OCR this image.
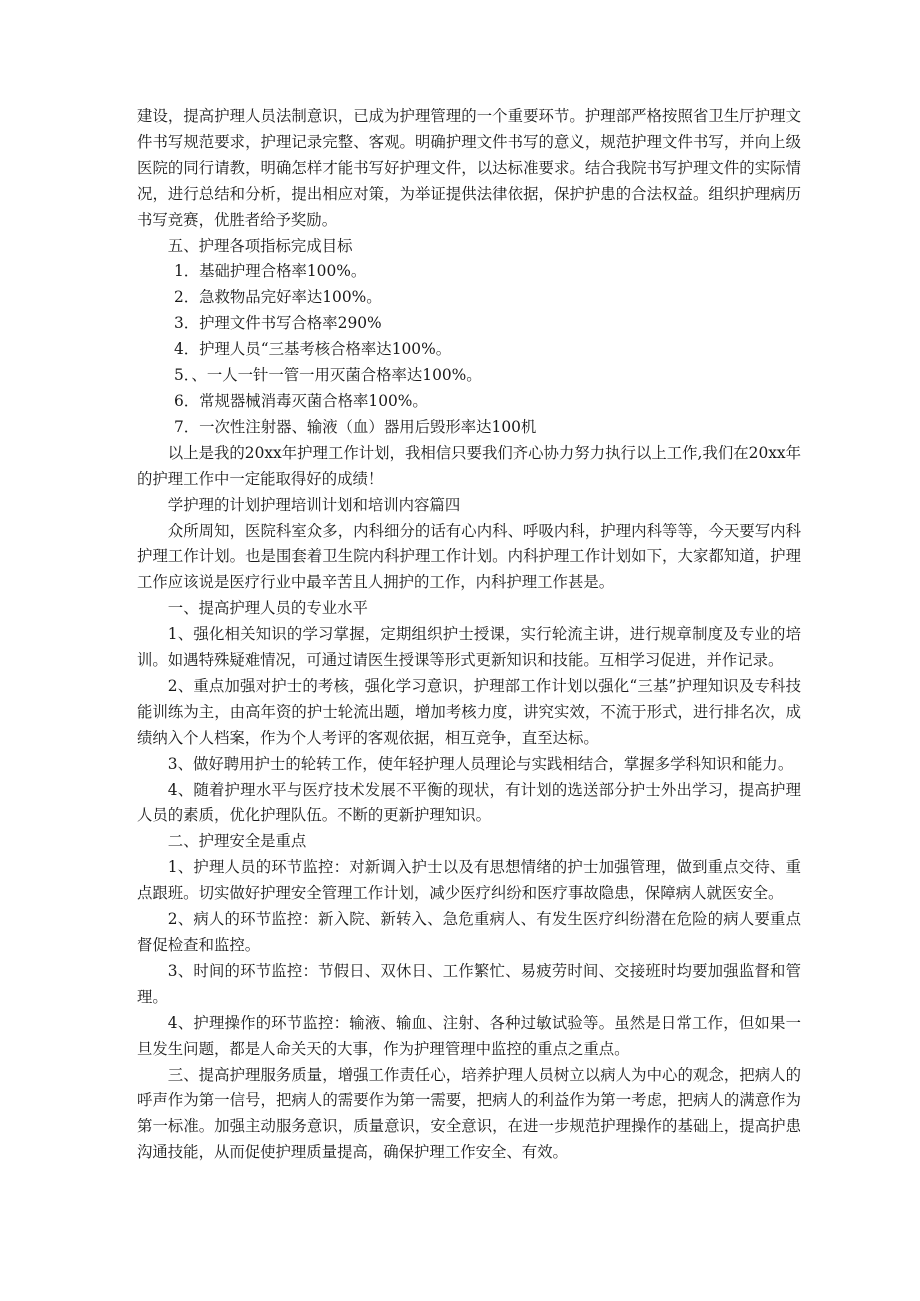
建设，提高护理人员法制意识，已成为护理管理的一个重要环节。护理部严格按照省卫生厅护理文件书写规范要求，护理记录完整、客观。明确护理文件书写的意义，规范护理文件书写，并向上级医院的同行请教，明确怎样才能书写好护理文件，以达标准要求。结合我院书写护理文件的实际情况，进行总结和分析，提出相应对策，为举证提供法律依据，保护护患的合法权益。组织护理病历书写竞赛，优胜者给予奖励。

五、护理各项指标完成目标

1．基础护理合格率100%。

2．急救物品完好率达100%。

3．护理文件书写合格率290%

4．护理人员“三基考核合格率达100%。

5．、一人一针一管一用灭菌合格率达100%。

6．常规器械消毒灭菌合格率100%。

7．一次性注射器、输液（血）器用后毁形率达100机

以上是我的20xx年护理工作计划，我相信只要我们齐心协力努力执行以上工作,我们在20xx年的护理工作中一定能取得好的成绩！

学护理的计划护理培训计划和培训内容篇四

众所周知，医院科室众多，内科细分的话有心内科、呼吸内科，护理内科等等，今天要写内科护理工作计划。也是围套着卫生院内科护理工作计划。内科护理工作计划如下，大家都知道，护理工作应该说是医疗行业中最辛苦且人拥护的工作，内科护理工作甚是。

一、提高护理人员的专业水平

1、强化相关知识的学习掌握，定期组织护士授课，实行轮流主讲，进行规章制度及专业的培训。如遇特殊疑难情况，可通过请医生授课等形式更新知识和技能。互相学习促进，并作记录。

2、重点加强对护士的考核，强化学习意识，护理部工作计划以强化“三基”护理知识及专科技能训练为主，由高年资的护士轮流出题，增加考核力度，讲究实效，不流于形式，进行排名次，成绩纳入个人档案，作为个人考评的客观依据，相互竞争，直至达标。

3、做好聘用护士的轮转工作，使年轻护理人员理论与实践相结合，掌握多学科知识和能力。

4、随着护理水平与医疗技术发展不平衡的现状，有计划的选送部分护士外出学习，提高护理人员的素质，优化护理队伍。不断的更新护理知识。

二、护理安全是重点

1、护理人员的环节监控：对新调入护士以及有思想情绪的护士加强管理，做到重点交待、重点跟班。切实做好护理安全管理工作计划，减少医疗纠纷和医疗事故隐患，保障病人就医安全。

2、病人的环节监控：新入院、新转入、急危重病人、有发生医疗纠纷潜在危险的病人要重点督促检查和监控。

3、时间的环节监控：节假日、双休日、工作繁忙、易疲劳时间、交接班时均要加强监督和管理。

4、护理操作的环节监控：输液、输血、注射、各种过敏试验等。虽然是日常工作，但如果一旦发生问题，都是人命关天的大事，作为护理管理中监控的重点之重点。

三、提高护理服务质量，增强工作责任心，培养护理人员树立以病人为中心的观念，把病人的呼声作为第一信号，把病人的需要作为第一需要，把病人的利益作为第一考虑，把病人的满意作为第一标准。加强主动服务意识，质量意识，安全意识，在进一步规范护理操作的基础上，提高护患沟通技能，从而促使护理质量提高，确保护理工作安全、有效。
